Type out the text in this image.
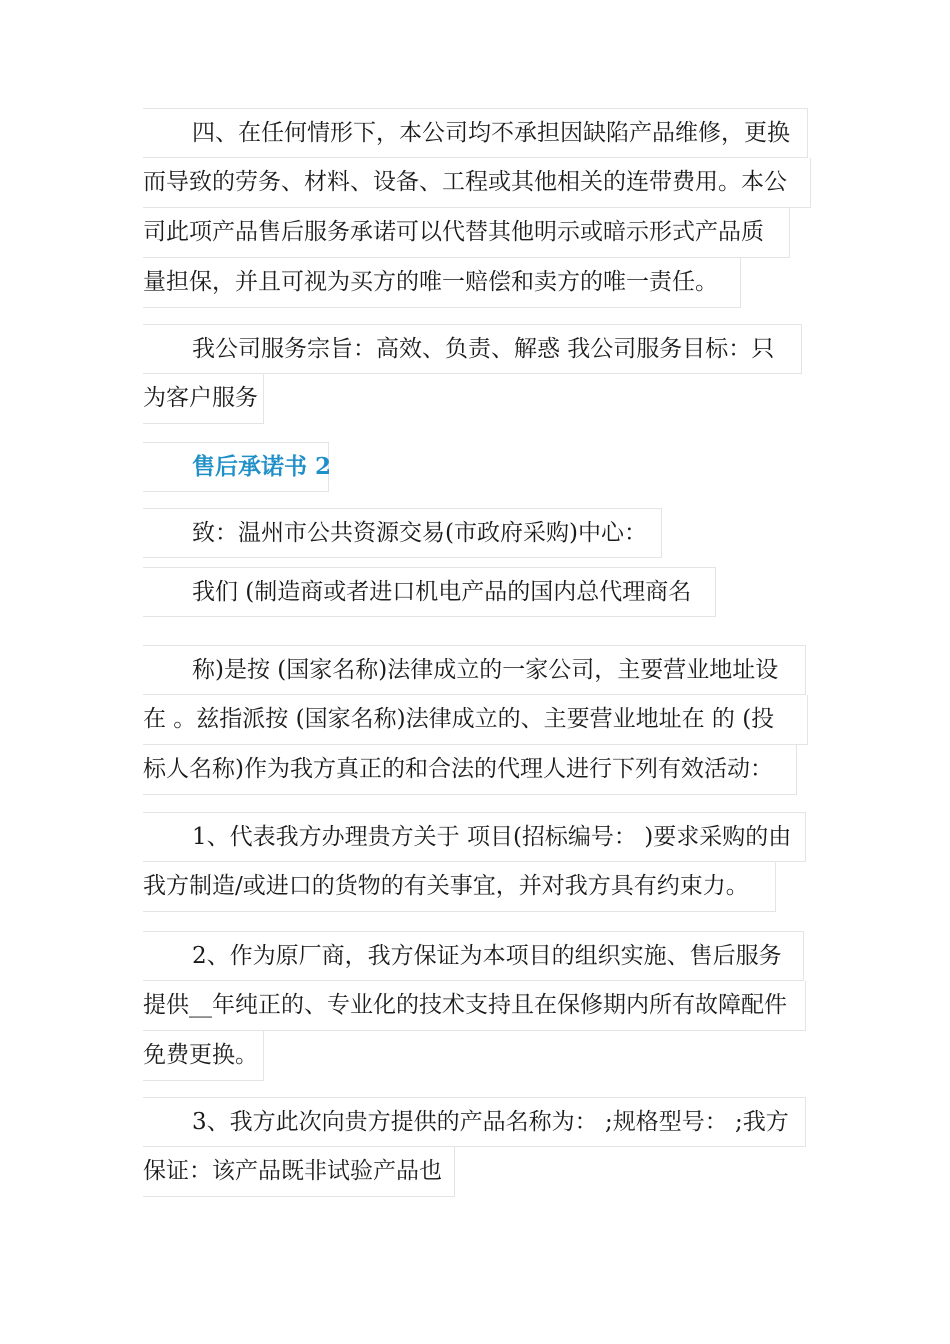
四、在任何情形下，本公司均不承担因缺陷产品维修，更换
而导致的劳务、材料、设备、工程或其他相关的连带费用。本公
司此项产品售后服务承诺可以代替其他明示或暗示形式产品质
量担保，并且可视为买方的唯一赔偿和卖方的唯一责任。
我公司服务宗旨：高效、负责、解惑 我公司服务目标：只
为客户服务
售后承诺书 2
致：温州市公共资源交易(市政府采购)中心：
我们 (制造商或者进口机电产品的国内总代理商名
称)是按 (国家名称)法律成立的一家公司，主要营业地址设
在 。兹指派按 (国家名称)法律成立的、主要营业地址在 的 (投
标人名称)作为我方真正的和合法的代理人进行下列有效活动：
1、代表我方办理贵方关于 项目(招标编号： )要求采购的由
我方制造/或进口的货物的有关事宜，并对我方具有约束力。
2、作为原厂商，我方保证为本项目的组织实施、售后服务
提供__年纯正的、专业化的技术支持且在保修期内所有故障配件
免费更换。
3、我方此次向贵方提供的产品名称为： ;规格型号： ;我方
保证：该产品既非试验产品也
